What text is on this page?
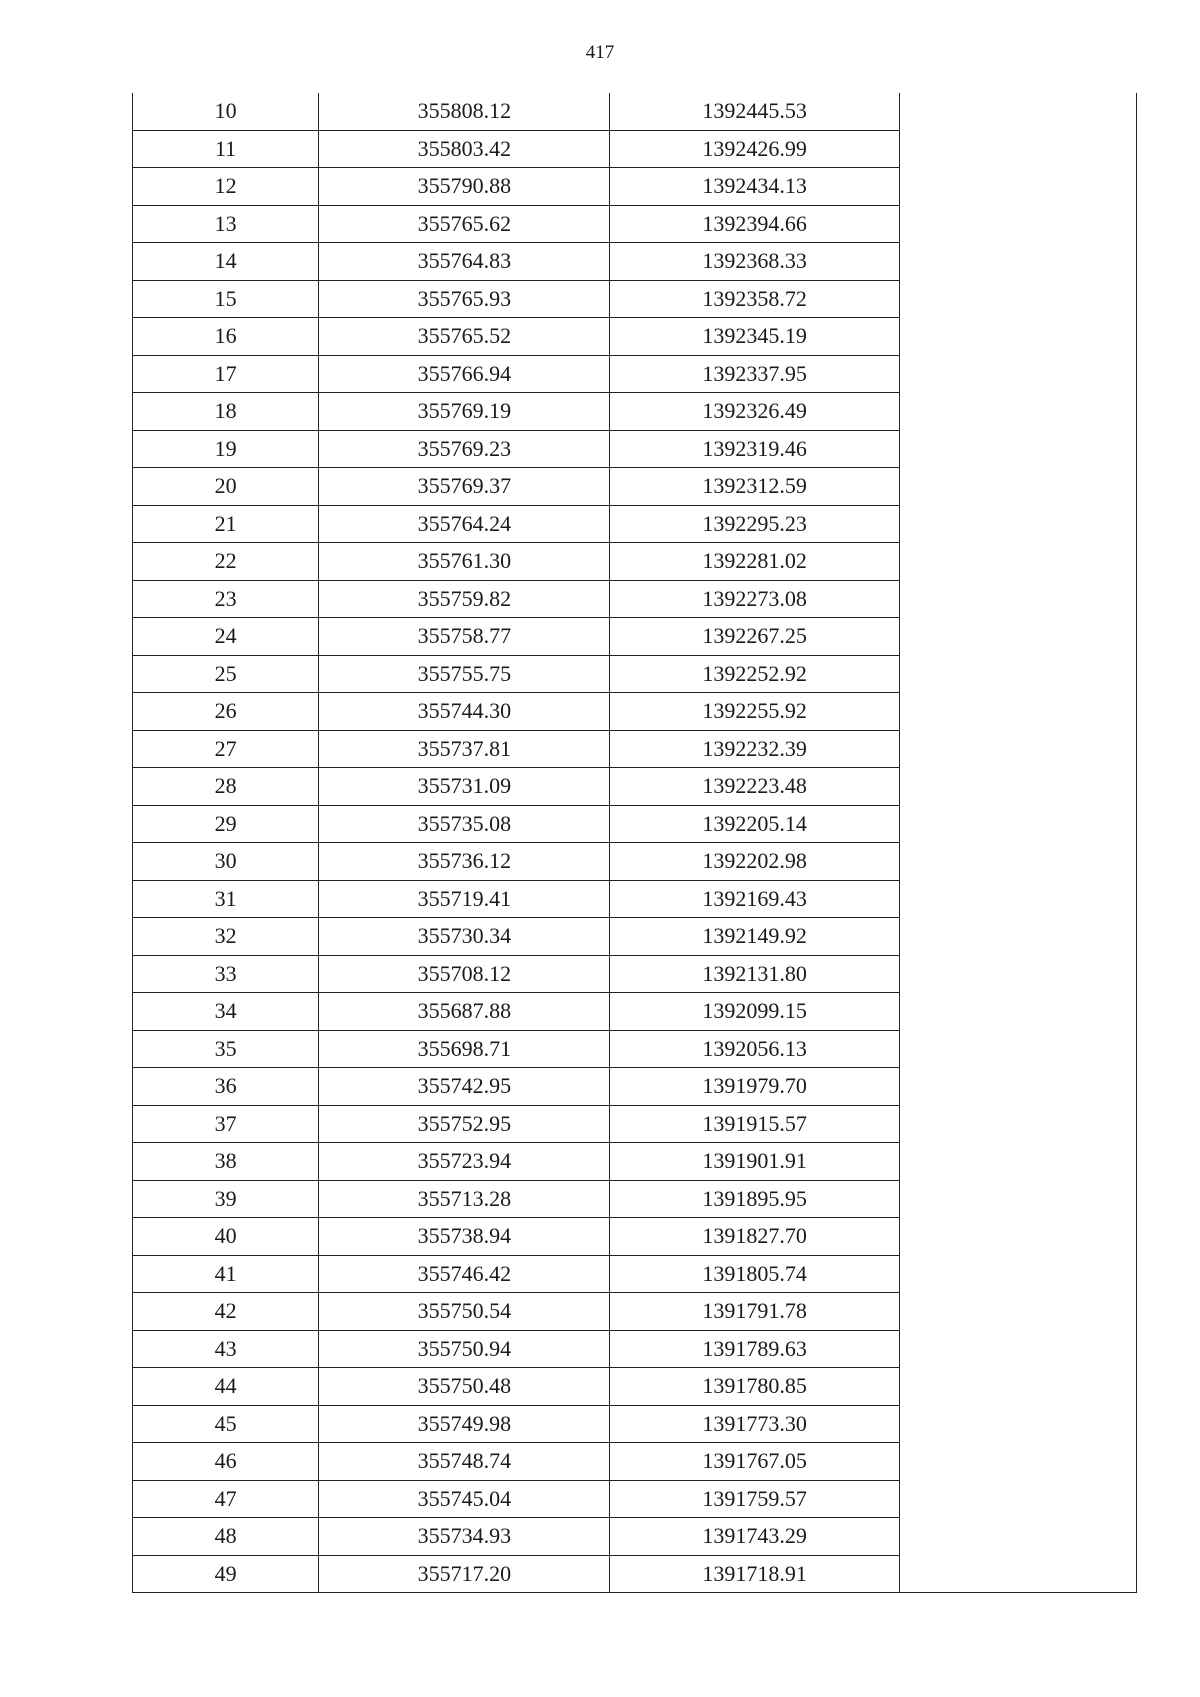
417
10	355808.12	1392445.53	
11	355803.42	1392426.99	
12	355790.88	1392434.13	
13	355765.62	1392394.66	
14	355764.83	1392368.33	
15	355765.93	1392358.72	
16	355765.52	1392345.19	
17	355766.94	1392337.95	
18	355769.19	1392326.49	
19	355769.23	1392319.46	
20	355769.37	1392312.59	
21	355764.24	1392295.23	
22	355761.30	1392281.02	
23	355759.82	1392273.08	
24	355758.77	1392267.25	
25	355755.75	1392252.92	
26	355744.30	1392255.92	
27	355737.81	1392232.39	
28	355731.09	1392223.48	
29	355735.08	1392205.14	
30	355736.12	1392202.98	
31	355719.41	1392169.43	
32	355730.34	1392149.92	
33	355708.12	1392131.80	
34	355687.88	1392099.15	
35	355698.71	1392056.13	
36	355742.95	1391979.70	
37	355752.95	1391915.57	
38	355723.94	1391901.91	
39	355713.28	1391895.95	
40	355738.94	1391827.70	
41	355746.42	1391805.74	
42	355750.54	1391791.78	
43	355750.94	1391789.63	
44	355750.48	1391780.85	
45	355749.98	1391773.30	
46	355748.74	1391767.05	
47	355745.04	1391759.57	
48	355734.93	1391743.29	
49	355717.20	1391718.91	
